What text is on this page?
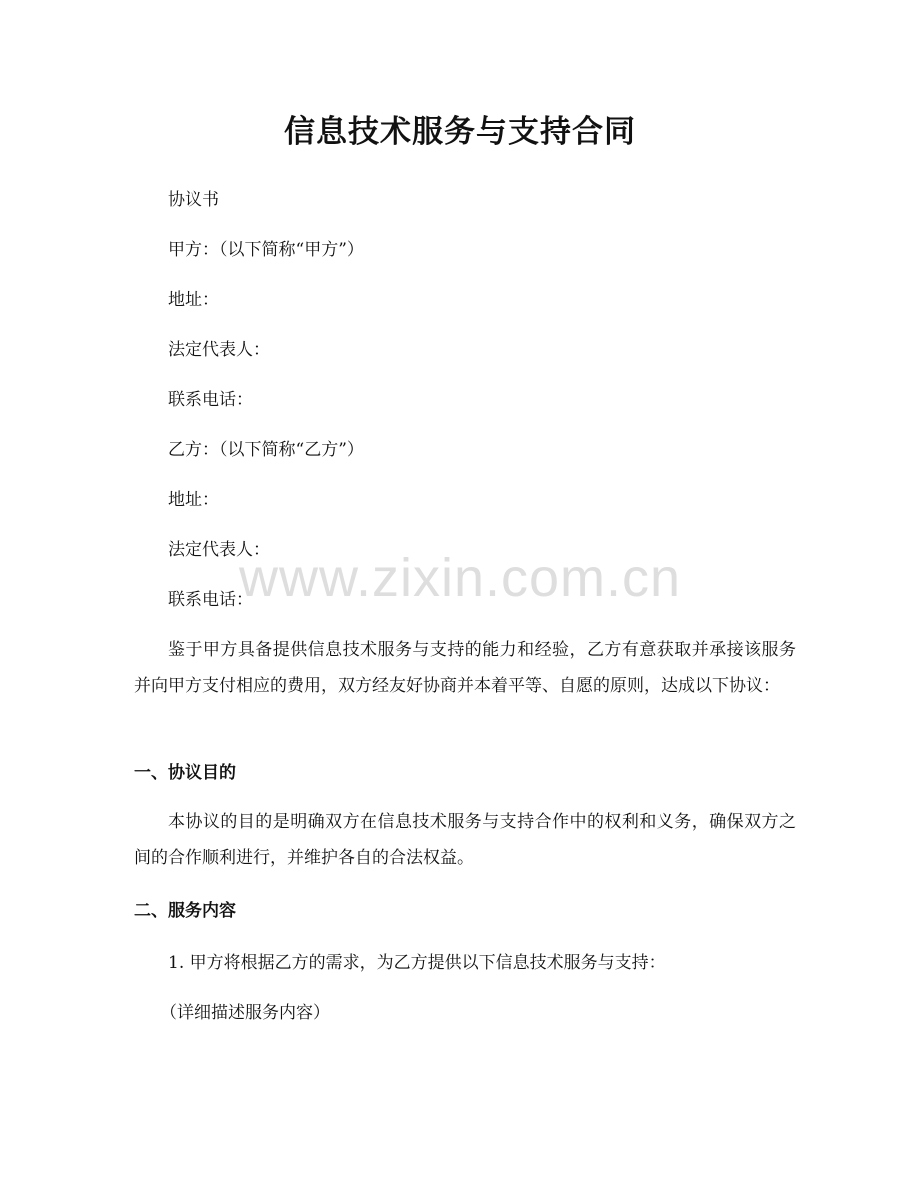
信息技术服务与支持合同

协议书

甲方：（以下简称“甲方”）

地址：

法定代表人：

联系电话：

乙方：（以下简称“乙方”）

地址：

法定代表人：

联系电话：

鉴于甲方具备提供信息技术服务与支持的能力和经验，乙方有意获取并承接该服务并向甲方支付相应的费用，双方经友好协商并本着平等、自愿的原则，达成以下协议：

一、协议目的

本协议的目的是明确双方在信息技术服务与支持合作中的权利和义务，确保双方之间的合作顺利进行，并维护各自的合法权益。

二、服务内容

1. 甲方将根据乙方的需求，为乙方提供以下信息技术服务与支持：

（详细描述服务内容）

www.zixin.com.cn
